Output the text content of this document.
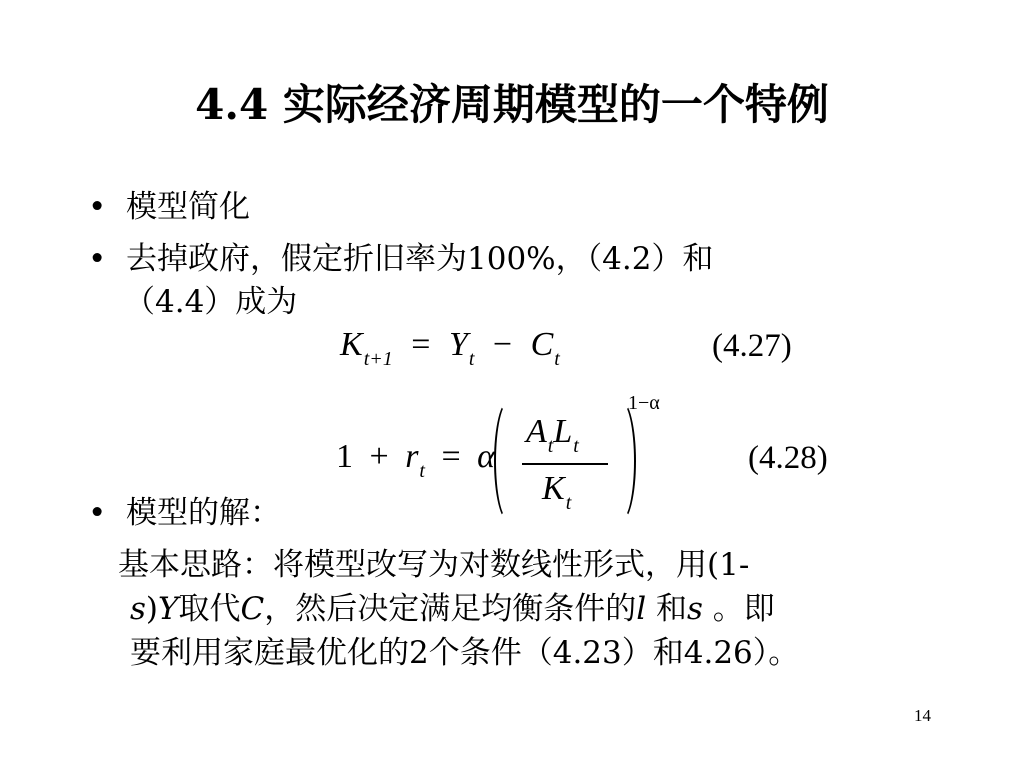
4.4 实际经济周期模型的一个特例
• 模型简化
• 去掉政府，假定折旧率为100%，（4.2）和
（4.4）成为
$K_{t+1} = Y_t - C_t$	(4.27)
$1 + r_t = \alpha$
$A_tL_t$
$K_t$
1−α
(4.28)
• 模型的解：
基本思路：将模型改写为对数线性形式，用(1-
s)Y取代C，然后决定满足均衡条件的l 和s 。即
要利用家庭最优化的2个条件（4.23）和4.26）。
14
